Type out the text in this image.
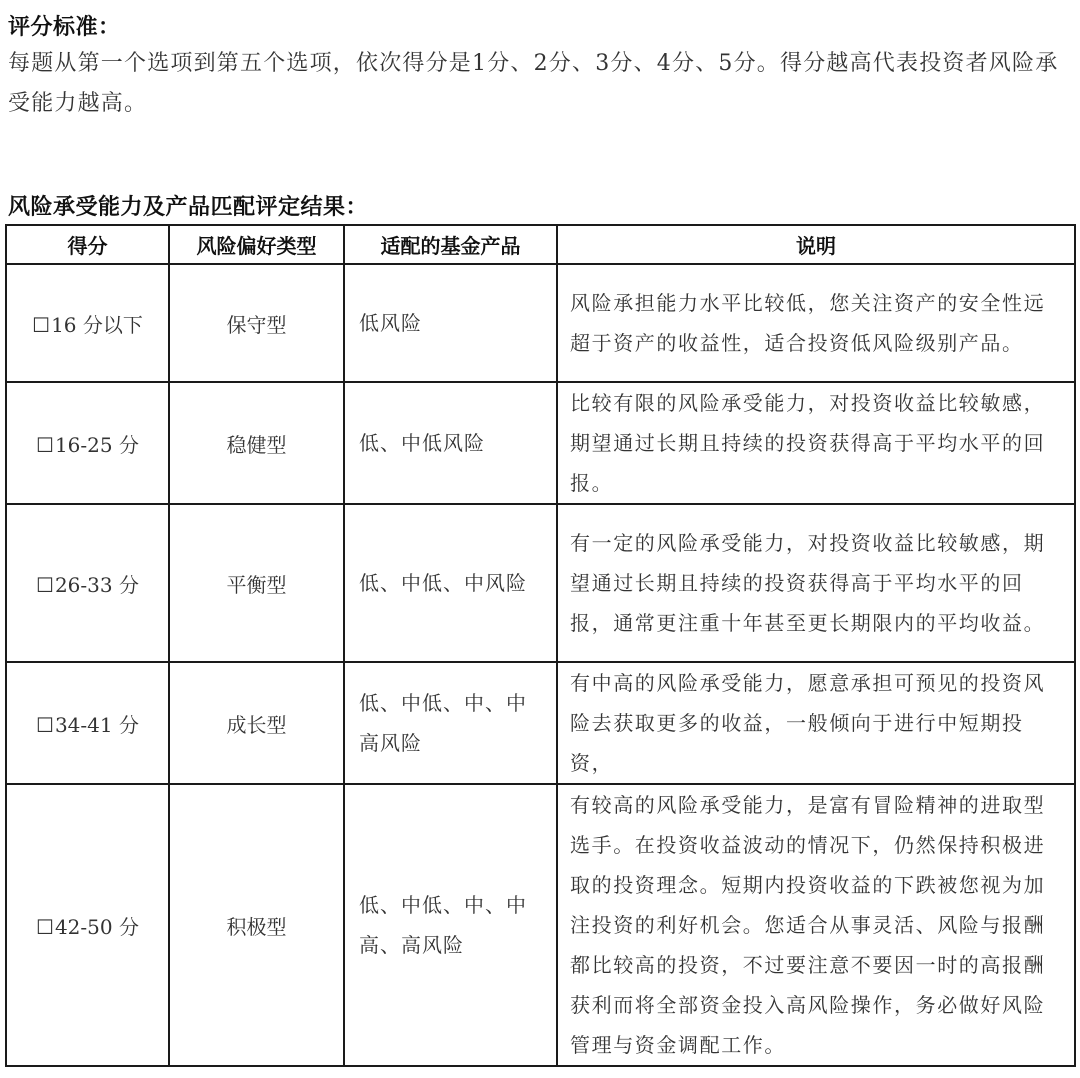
评分标准：
每题从第一个选项到第五个选项，依次得分是1分、2分、3分、4分、5分。得分越高代表投资者风险承受能力越高。
风险承受能力及产品匹配评定结果：
得分	风险偏好类型	适配的基金产品	说明
☐16 分以下	保守型	低风险	风险承担能力水平比较低，您关注资产的安全性远超于资产的收益性，适合投资低风险级别产品。
☐16-25 分	稳健型	低、中低风险	比较有限的风险承受能力，对投资收益比较敏感，期望通过长期且持续的投资获得高于平均水平的回报。
☐26-33 分	平衡型	低、中低、中风险	有一定的风险承受能力，对投资收益比较敏感，期望通过长期且持续的投资获得高于平均水平的回报，通常更注重十年甚至更长期限内的平均收益。
☐34-41 分	成长型	低、中低、中、中高风险	有中高的风险承受能力，愿意承担可预见的投资风险去获取更多的收益，一般倾向于进行中短期投资，
☐42-50 分	积极型	低、中低、中、中高、高风险	有较高的风险承受能力，是富有冒险精神的进取型选手。在投资收益波动的情况下，仍然保持积极进取的投资理念。短期内投资收益的下跌被您视为加注投资的利好机会。您适合从事灵活、风险与报酬都比较高的投资，不过要注意不要因一时的高报酬获利而将全部资金投入高风险操作，务必做好风险管理与资金调配工作。
